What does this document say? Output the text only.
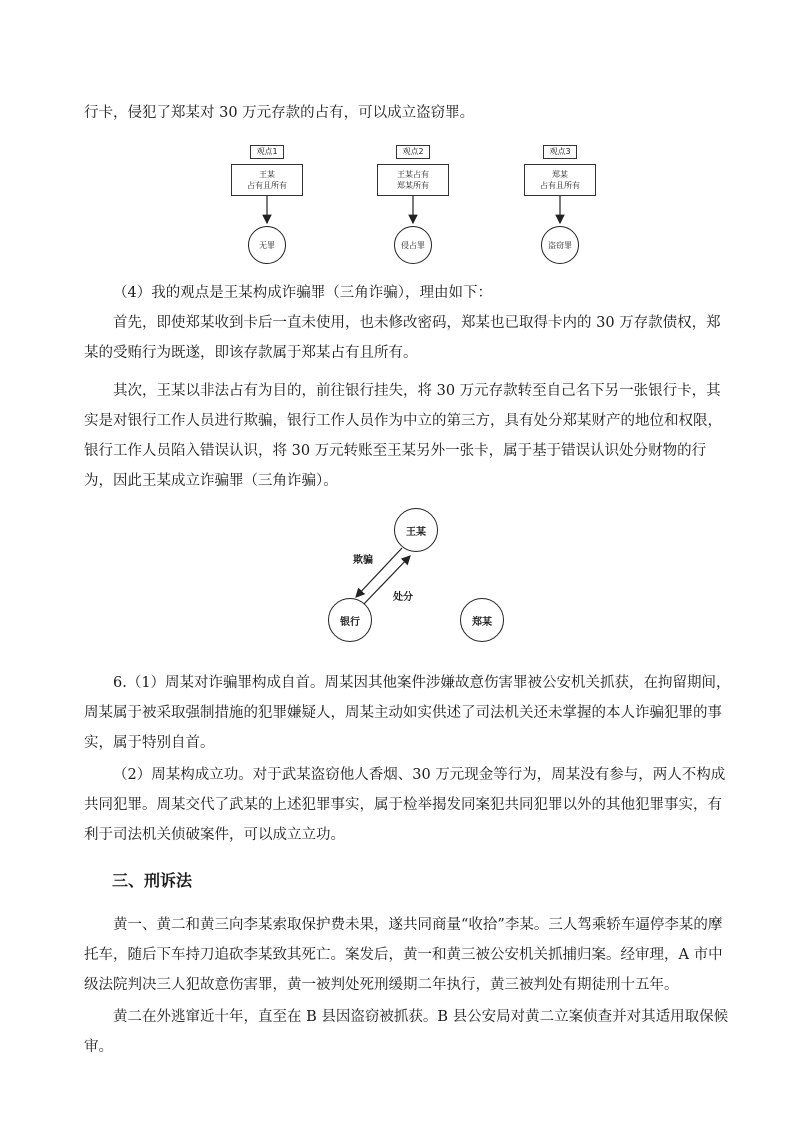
行卡，侵犯了郑某对 30 万元存款的占有，可以成立盗窃罪。

观点1
王某
占有且所有
无罪
观点2
王某占有
郑某所有
侵占罪
观点3
郑某
占有且所有
盗窃罪

（4）我的观点是王某构成诈骗罪（三角诈骗），理由如下：

首先，即使郑某收到卡后一直未使用，也未修改密码，郑某也已取得卡内的 30 万存款债权，郑某的受贿行为既遂，即该存款属于郑某占有且所有。

其次，王某以非法占有为目的，前往银行挂失，将 30 万元存款转至自己名下另一张银行卡，其实是对银行工作人员进行欺骗，银行工作人员作为中立的第三方，具有处分郑某财产的地位和权限，银行工作人员陷入错误认识，将 30 万元转账至王某另外一张卡，属于基于错误认识处分财物的行为，因此王某成立诈骗罪（三角诈骗）。

王某
银行	郑某
欺骗
处分

6.（1）周某对诈骗罪构成自首。周某因其他案件涉嫌故意伤害罪被公安机关抓获，在拘留期间，周某属于被采取强制措施的犯罪嫌疑人，周某主动如实供述了司法机关还未掌握的本人诈骗犯罪的事实，属于特别自首。

（2）周某构成立功。对于武某盗窃他人香烟、30 万元现金等行为，周某没有参与，两人不构成共同犯罪。周某交代了武某的上述犯罪事实，属于检举揭发同案犯共同犯罪以外的其他犯罪事实，有利于司法机关侦破案件，可以成立立功。

三、刑诉法

黄一、黄二和黄三向李某索取保护费未果，遂共同商量“收拾”李某。三人驾乘轿车逼停李某的摩托车，随后下车持刀追砍李某致其死亡。案发后，黄一和黄三被公安机关抓捕归案。经审理，A 市中级法院判决三人犯故意伤害罪，黄一被判处死刑缓期二年执行，黄三被判处有期徒刑十五年。

黄二在外逃窜近十年，直至在 B 县因盗窃被抓获。B 县公安局对黄二立案侦查并对其适用取保候审。
